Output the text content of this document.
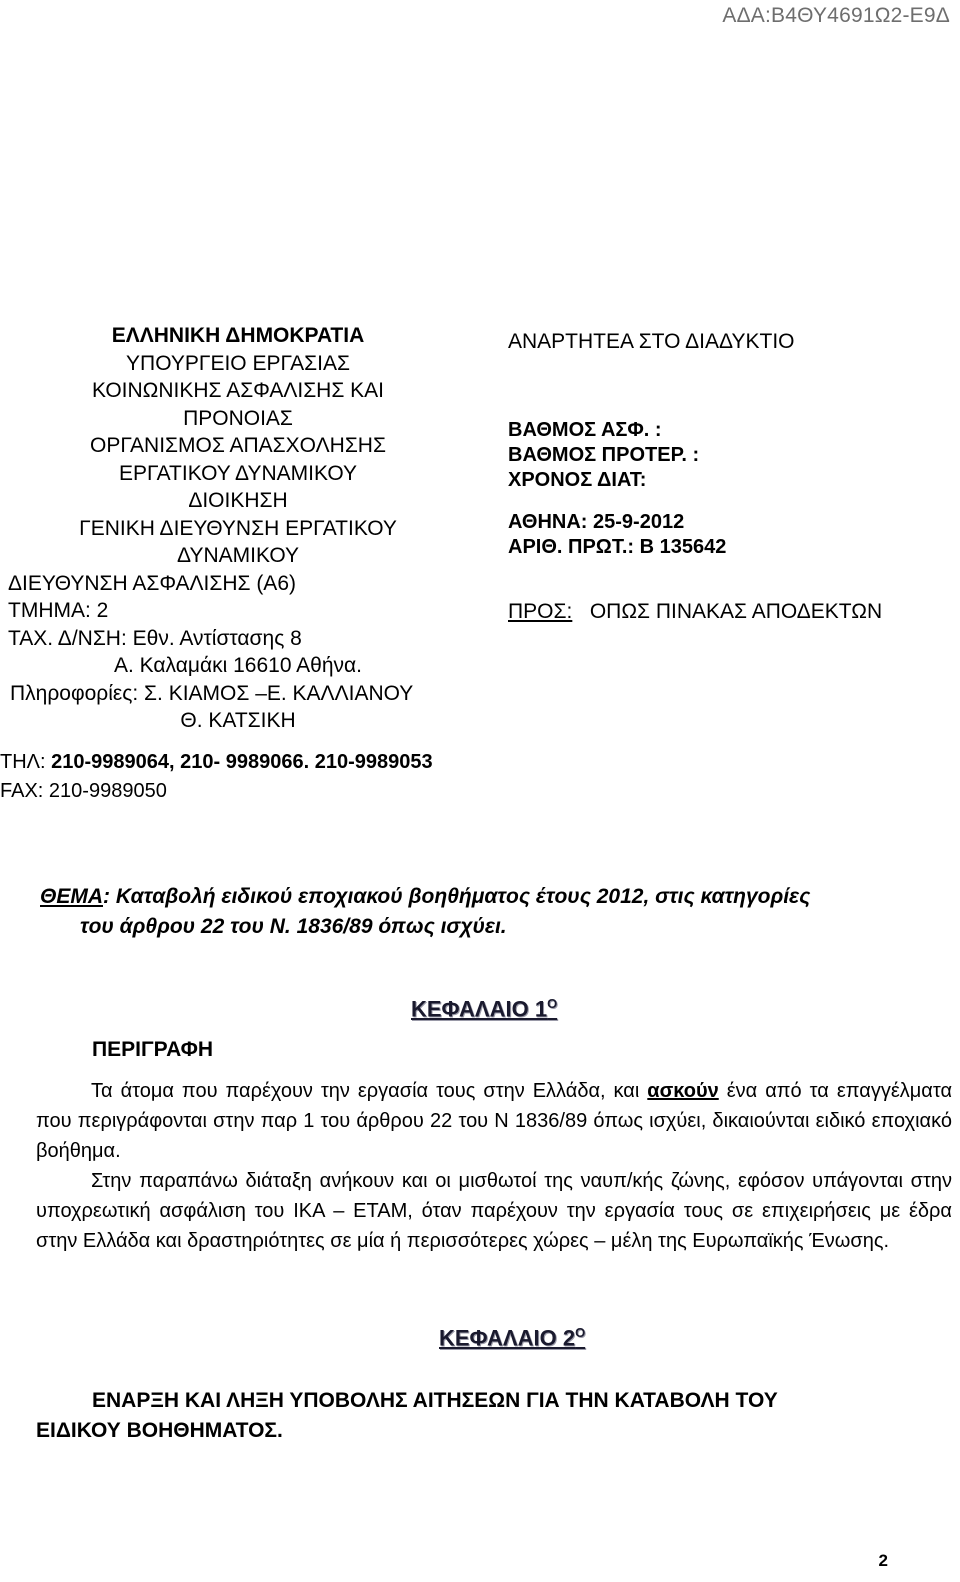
ΑΔΑ:Β4ΘΥ4691Ω2-Ε9Δ
ΕΛΛΗΝΙΚΗ ΔΗΜΟΚΡΑΤΙΑ
ΥΠΟΥΡΓΕΙΟ ΕΡΓΑΣΙΑΣ
ΚΟΙΝΩΝΙΚΗΣ ΑΣΦΑΛΙΣΗΣ ΚΑΙ
ΠΡΟΝΟΙΑΣ
ΟΡΓΑΝΙΣΜΟΣ ΑΠΑΣΧΟΛΗΣΗΣ
ΕΡΓΑΤΙΚΟΥ ΔΥΝΑΜΙΚΟΥ
ΔΙΟΙΚΗΣΗ
ΓΕΝΙΚΗ ΔΙΕΥΘΥΝΣΗ ΕΡΓΑΤΙΚΟΥ
ΔΥΝΑΜΙΚΟΥ
ΔΙΕΥΘΥΝΣΗ ΑΣΦΑΛΙΣΗΣ (Α6)
ΤΜΗΜΑ: 2
ΤΑΧ. Δ/ΝΣΗ: Εθν. Αντίστασης 8
Α. Καλαμάκι 16610 Αθήνα.
Πληροφορίες: Σ. ΚΙΑΜΟΣ –Ε. ΚΑΛΛΙΑΝΟΥ
Θ. ΚΑΤΣΙΚΗ
ΑΝΑΡΤΗΤΕΑ ΣΤΟ ΔΙΑΔΥΚΤΙΟ
ΒΑΘΜΟΣ ΑΣΦ. :
ΒΑΘΜΟΣ ΠΡΟΤΕΡ. :
ΧΡΟΝΟΣ ΔΙΑΤ:
ΑΘΗΝΑ: 25-9-2012
ΑΡΙΘ. ΠΡΩΤ.: Β 135642
ΠΡΟΣ: ΟΠΩΣ ΠΙΝΑΚΑΣ ΑΠΟΔΕΚΤΩΝ
ΤΗΛ: 210-9989064, 210- 9989066. 210-9989053
FAX: 210-9989050
ΘΕΜΑ: Καταβολή ειδικού εποχιακού βοηθήματος έτους 2012, στις κατηγορίες
του άρθρου 22 του Ν. 1836/89 όπως ισχύει.
ΚΕΦΑΛΑΙΟ $1^O$
ΠΕΡΙΓΡΑΦΗ

Τα άτομα που παρέχουν την εργασία τους στην Ελλάδα, και ασκούν ένα από τα επαγγέλματα που περιγράφονται στην παρ 1 του άρθρου 22 του Ν 1836/89 όπως ισχύει, δικαιούνται ειδικό εποχιακό βοήθημα.

Στην παραπάνω διάταξη ανήκουν και οι μισθωτοί της ναυπ/κής ζώνης, εφόσον υπάγονται στην υποχρεωτική ασφάλιση του ΙΚΑ – ΕΤΑΜ, όταν παρέχουν την εργασία τους σε επιχειρήσεις με έδρα στην Ελλάδα και δραστηριότητες σε μία ή περισσότερες χώρες – μέλη της Ευρωπαϊκής Ένωσης.

ΚΕΦΑΛΑΙΟ $2^O$
ΕΝΑΡΞΗ ΚΑΙ ΛΗΞΗ ΥΠΟΒΟΛΗΣ ΑΙΤΗΣΕΩΝ ΓΙΑ ΤΗΝ ΚΑΤΑΒΟΛΗ ΤΟΥ
ΕΙΔΙΚΟΥ ΒΟΗΘΗΜΑΤΟΣ.
2
